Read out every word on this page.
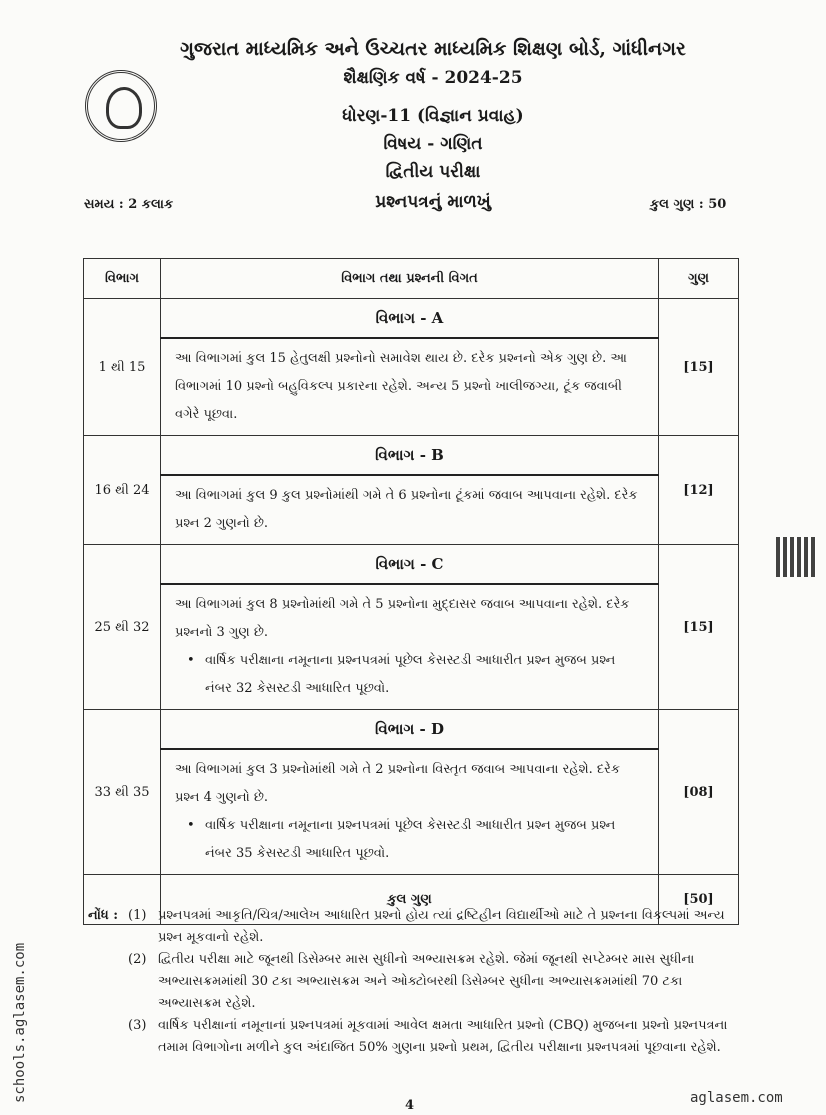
ગુજરાત માધ્યમિક અને ઉચ્ચતર માધ્યમિક શિક્ષણ બોર્ડ, ગાંધીનગર
શૈક્ષણિક વર્ષ - 2024-25
ધોરણ-11 (વિજ્ઞાન પ્રવાહ)
વિષય - ગણિત
દ્વિતીય પરીક્ષા
પ્રશ્નપત્રનું માળખું
સમય : 2 કલાક	કુલ ગુણ : 50
વિભાગ	વિભાગ તથા પ્રશ્નની વિગત	ગુણ
1 થી 15	વિભાગ - A	[15]
	આ વિભાગમાં કુલ 15 હેતુલક્ષી પ્રશ્નોનો સમાવેશ થાય છે. દરેક પ્રશ્નનો એક ગુણ છે. આ વિભાગમાં 10 પ્રશ્નો બહુવિકલ્પ પ્રકારના રહેશે. અન્ય 5 પ્રશ્નો ખાલીજગ્યા, ટૂંક જવાબી વગેરે પૂછવા.	
16 થી 24	વિભાગ - B	[12]
	આ વિભાગમાં કુલ 9 કુલ પ્રશ્નોમાંથી ગમે તે 6 પ્રશ્નોના ટૂંકમાં જવાબ આપવાના રહેશે. દરેક પ્રશ્ન 2 ગુણનો છે.	
25 થી 32	વિભાગ - C	[15]

	આ વિભાગમાં કુલ 8 પ્રશ્નોમાંથી ગમે તે 5 પ્રશ્નોના મુદ્દાસર જવાબ આપવાના રહેશે. દરેક પ્રશ્નનો 3 ગુણ છે.
• વાર્ષિક પરીક્ષાના નમૂનાના પ્રશ્નપત્રમાં પૂછેલ કેસસ્ટડી આધારીત પ્રશ્ન મુજબ પ્રશ્ન નંબર 32 કેસસ્ટડી આધારિત પૂછવો.

33 થી 35	વિભાગ - D	[08]

	આ વિભાગમાં કુલ 3 પ્રશ્નોમાંથી ગમે તે 2 પ્રશ્નોના વિસ્તૃત જવાબ આપવાના રહેશે. દરેક પ્રશ્ન 4 ગુણનો છે.
• વાર્ષિક પરીક્ષાના નમૂનાના પ્રશ્નપત્રમાં પૂછેલ કેસસ્ટડી આધારીત પ્રશ્ન મુજબ પ્રશ્ન નંબર 35 કેસસ્ટડી આધારિત પૂછવો.

	કુલ ગુણ	[50]
નોંધ : (1) પ્રશ્નપત્રમાં આકૃતિ/ચિત્ર/આલેખ આધારિત પ્રશ્નો હોય ત્યાં દ્રષ્ટિહીન વિદ્યાર્થીઓ માટે તે પ્રશ્નના વિકલ્પમાં અન્ય પ્રશ્ન મૂકવાનો રહેશે.
(2) દ્વિતીય પરીક્ષા માટે જૂનથી ડિસેમ્બર માસ સુધીનો અભ્યાસક્રમ રહેશે. જેમાં જૂનથી સપ્ટેમ્બર માસ સુધીના અભ્યાસક્રમમાંથી 30 ટકા અભ્યાસક્રમ અને ઓક્ટોબરથી ડિસેમ્બર સુધીના અભ્યાસક્રમમાંથી 70 ટકા અભ્યાસક્રમ રહેશે.
(3) વાર્ષિક પરીક્ષાનાં નમૂનાનાં પ્રશ્નપત્રમાં મૂકવામાં આવેલ ક્ષમતા આધારિત પ્રશ્નો (CBQ) મુજબના પ્રશ્નો પ્રશ્નપત્રના તમામ વિભાગોના મળીને કુલ અંદાજિત 50% ગુણના પ્રશ્નો પ્રથમ, દ્વિતીય પરીક્ષાના પ્રશ્નપત્રમાં પૂછવાના રહેશે.
4
schools.aglasem.com	aglasem.com
